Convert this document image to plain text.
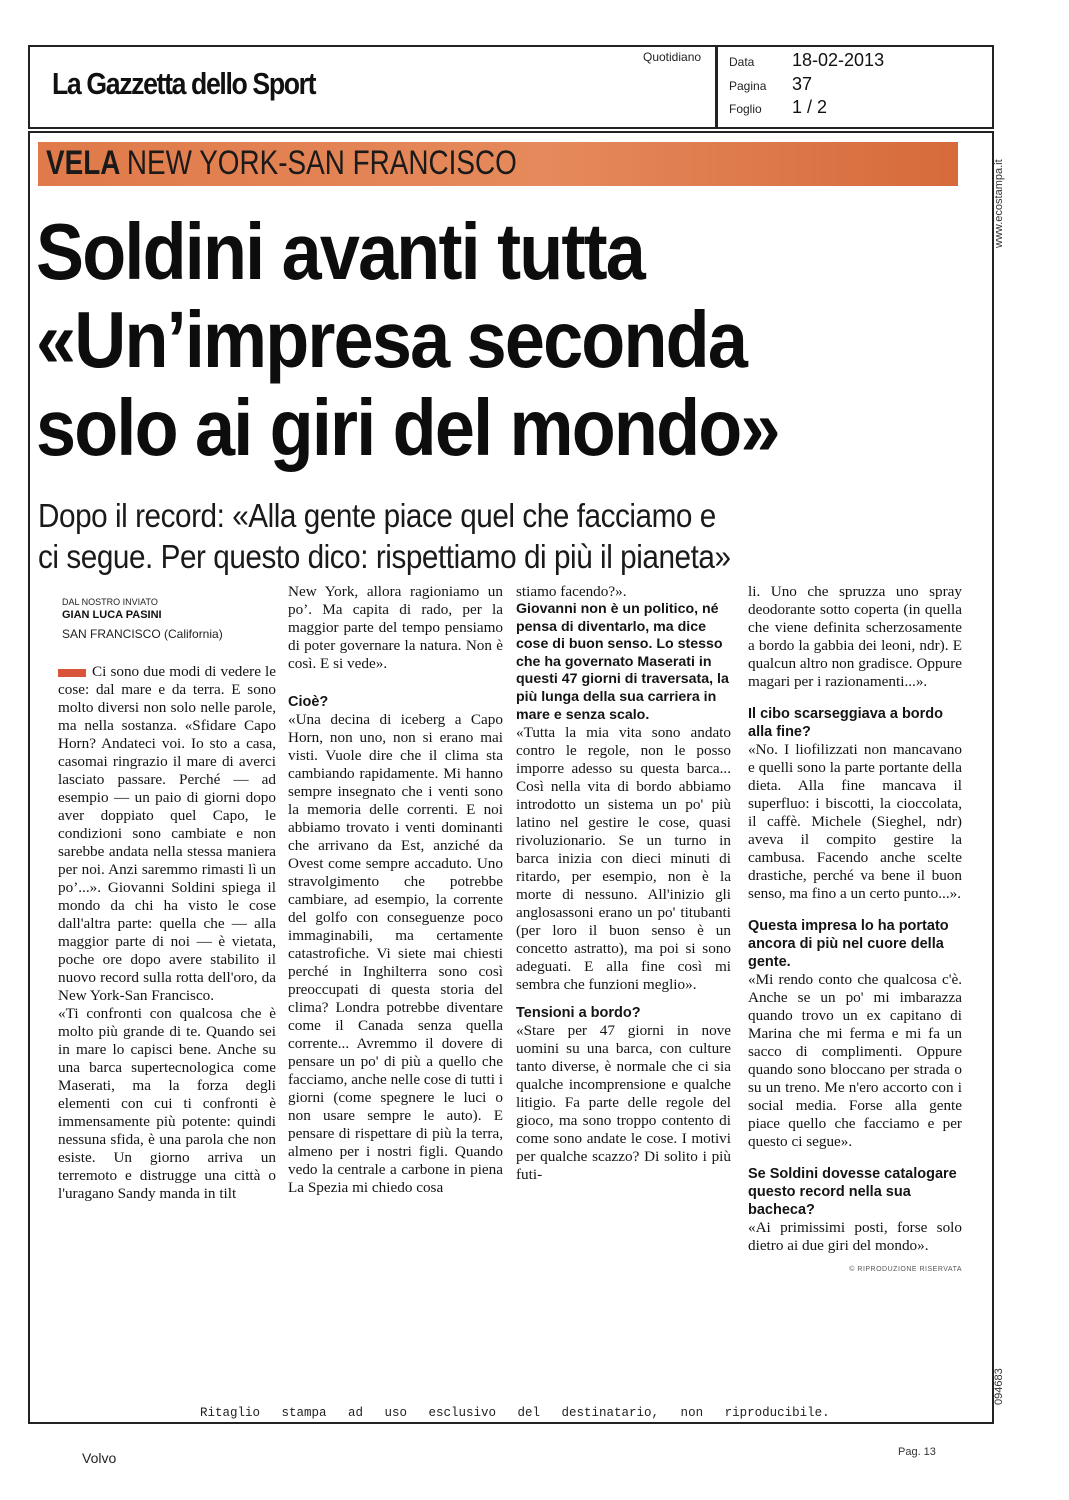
La Gazzetta dello Sport
Quotidiano Data 18-02-2013
Pagina 37
Foglio 1 / 2
www.ecostampa.it
094683
VELA NEW YORK-SAN FRANCISCO
Soldini avanti tutta
«Un’impresa seconda
solo ai giri del mondo»
Dopo il record: «Alla gente piace quel che facciamo e
ci segue. Per questo dico: rispettiamo di più il pianeta»
DAL NOSTRO INVIATO
GIAN LUCA PASINI
SAN FRANCISCO (California)

Ci sono due modi di vedere le cose: dal mare e da terra. E sono molto diversi non solo nelle parole, ma nella sostanza. «Sfidare Capo Horn? Andateci voi. Io sto a casa, casomai ringrazio il mare di averci lasciato passare. Perché — ad esempio — un paio di giorni dopo aver doppiato quel Capo, le condizioni sono cambiate e non sarebbe andata nella stessa maniera per noi. Anzi saremmo rimasti lì un po’...». Giovanni Soldini spiega il mondo da chi ha visto le cose dall'altra parte: quella che — alla maggior parte di noi — è vietata, poche ore dopo avere stabilito il nuovo record sulla rotta dell'oro, da New York-San Francisco.

«Ti confronti con qualcosa che è molto più grande di te. Quando sei in mare lo capisci bene. Anche su una barca supertecnologica come Maserati, ma la forza degli elementi con cui ti confronti è immensamente più potente: quindi nessuna sfida, è una parola che non esiste. Un giorno arriva un terremoto e distrugge una città o l'uragano Sandy manda in tilt

New York, allora ragioniamo un po’. Ma capita di rado, per la maggior parte del tempo pensiamo di poter governare la natura. Non è così. E si vede».

Cioè?

«Una decina di iceberg a Capo Horn, non uno, non si erano mai visti. Vuole dire che il clima sta cambiando rapidamente. Mi hanno sempre insegnato che i venti sono la memoria delle correnti. E noi abbiamo trovato i venti dominanti che arrivano da Est, anziché da Ovest come sempre accaduto. Uno stravolgimento che potrebbe cambiare, ad esempio, la corrente del golfo con conseguenze poco immaginabili, ma certamente catastrofiche. Vi siete mai chiesti perché in Inghilterra sono così preoccupati di questa storia del clima? Londra potrebbe diventare come il Canada senza quella corrente... Avremmo il dovere di pensare un po' di più a quello che facciamo, anche nelle cose di tutti i giorni (come spegnere le luci o non usare sempre le auto). E pensare di rispettare di più la terra, almeno per i nostri figli. Quando vedo la centrale a carbone in piena La Spezia mi chiedo cosa

stiamo facendo?».

Giovanni non è un politico, né pensa di diventarlo, ma dice cose di buon senso. Lo stesso che ha governato Maserati in questi 47 giorni di traversata, la più lunga della sua carriera in mare e senza scalo.

«Tutta la mia vita sono andato contro le regole, non le posso imporre adesso su questa barca... Così nella vita di bordo abbiamo introdotto un sistema un po' più latino nel gestire le cose, quasi rivoluzionario. Se un turno in barca inizia con dieci minuti di ritardo, per esempio, non è la morte di nessuno. All'inizio gli anglosassoni erano un po' titubanti (per loro il buon senso è un concetto astratto), ma poi si sono adeguati. E alla fine così mi sembra che funzioni meglio».

Tensioni a bordo?

«Stare per 47 giorni in nove uomini su una barca, con culture tanto diverse, è normale che ci sia qualche incomprensione e qualche litigio. Fa parte delle regole del gioco, ma sono troppo contento di come sono andate le cose. I motivi per qualche scazzo? Di solito i più futi-

li. Uno che spruzza uno spray deodorante sotto coperta (in quella che viene definita scherzosamente a bordo la gabbia dei leoni, ndr). E qualcun altro non gradisce. Oppure magari per i razionamenti...».

Il cibo scarseggiava a bordo alla fine?

«No. I liofilizzati non mancavano e quelli sono la parte portante della dieta. Alla fine mancava il superfluo: i biscotti, la cioccolata, il caffè. Michele (Sieghel, ndr) aveva il compito gestire la cambusa. Facendo anche scelte drastiche, perché va bene il buon senso, ma fino a un certo punto...».

Questa impresa lo ha portato ancora di più nel cuore della gente.

«Mi rendo conto che qualcosa c'è. Anche se un po' mi imbarazza quando trovo un ex capitano di Marina che mi ferma e mi fa un sacco di complimenti. Oppure quando sono bloccano per strada o su un treno. Me n'ero accorto con i social media. Forse alla gente piace quello che facciamo e per questo ci segue».

Se Soldini dovesse catalogare questo record nella sua bacheca?

«Ai primissimi posti, forse solo dietro ai due giri del mondo».

© RIPRODUZIONE RISERVATA

Ritaglio stampa ad uso esclusivo del destinatario, non riproducibile.
Volvo	Pag. 13
